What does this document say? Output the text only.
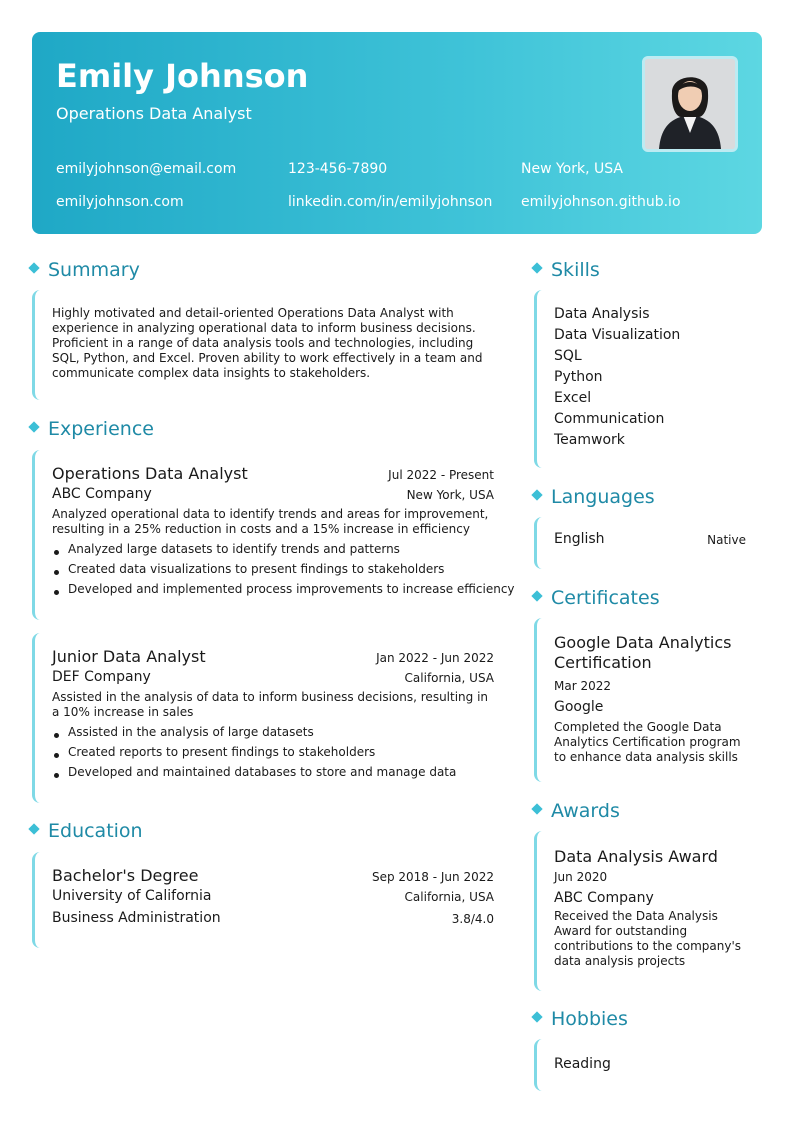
Emily Johnson
Operations Data Analyst
emilyjohnson@email.com	123-456-7890	New York, USA
emilyjohnson.com	linkedin.com/in/emilyjohnson emilyjohnson.github.io
Summary
Highly motivated and detail-oriented Operations Data Analyst with experience in analyzing operational data to inform business decisions. Proficient in a range of data analysis tools and technologies, including SQL, Python, and Excel. Proven ability to work effectively in a team and communicate complex data insights to stakeholders.
Experience
Operations Data Analyst	Jul 2022 - Present
ABC Company	New York, USA
Analyzed operational data to identify trends and areas for improvement, resulting in a 25% reduction in costs and a 15% increase in efficiency
Analyzed large datasets to identify trends and patterns
Created data visualizations to present findings to stakeholders
Developed and implemented process improvements to increase efficiency
Junior Data Analyst	Jan 2022 - Jun 2022
DEF Company	California, USA
Assisted in the analysis of data to inform business decisions, resulting in a 10% increase in sales
Assisted in the analysis of large datasets
Created reports to present findings to stakeholders
Developed and maintained databases to store and manage data
Education
Bachelor's Degree	Sep 2018 - Jun 2022
University of California	California, USA
Business Administration	3.8/4.0
Skills
Data Analysis
Data Visualization
SQL
Python
Excel
Communication
Teamwork
Languages
English	Native
Certificates
Google Data Analytics Certification
Mar 2022
Google
Completed the Google Data Analytics Certification program to enhance data analysis skills
Awards
Data Analysis Award
Jun 2020
ABC Company
Received the Data Analysis Award for outstanding contributions to the company's data analysis projects
Hobbies
Reading
